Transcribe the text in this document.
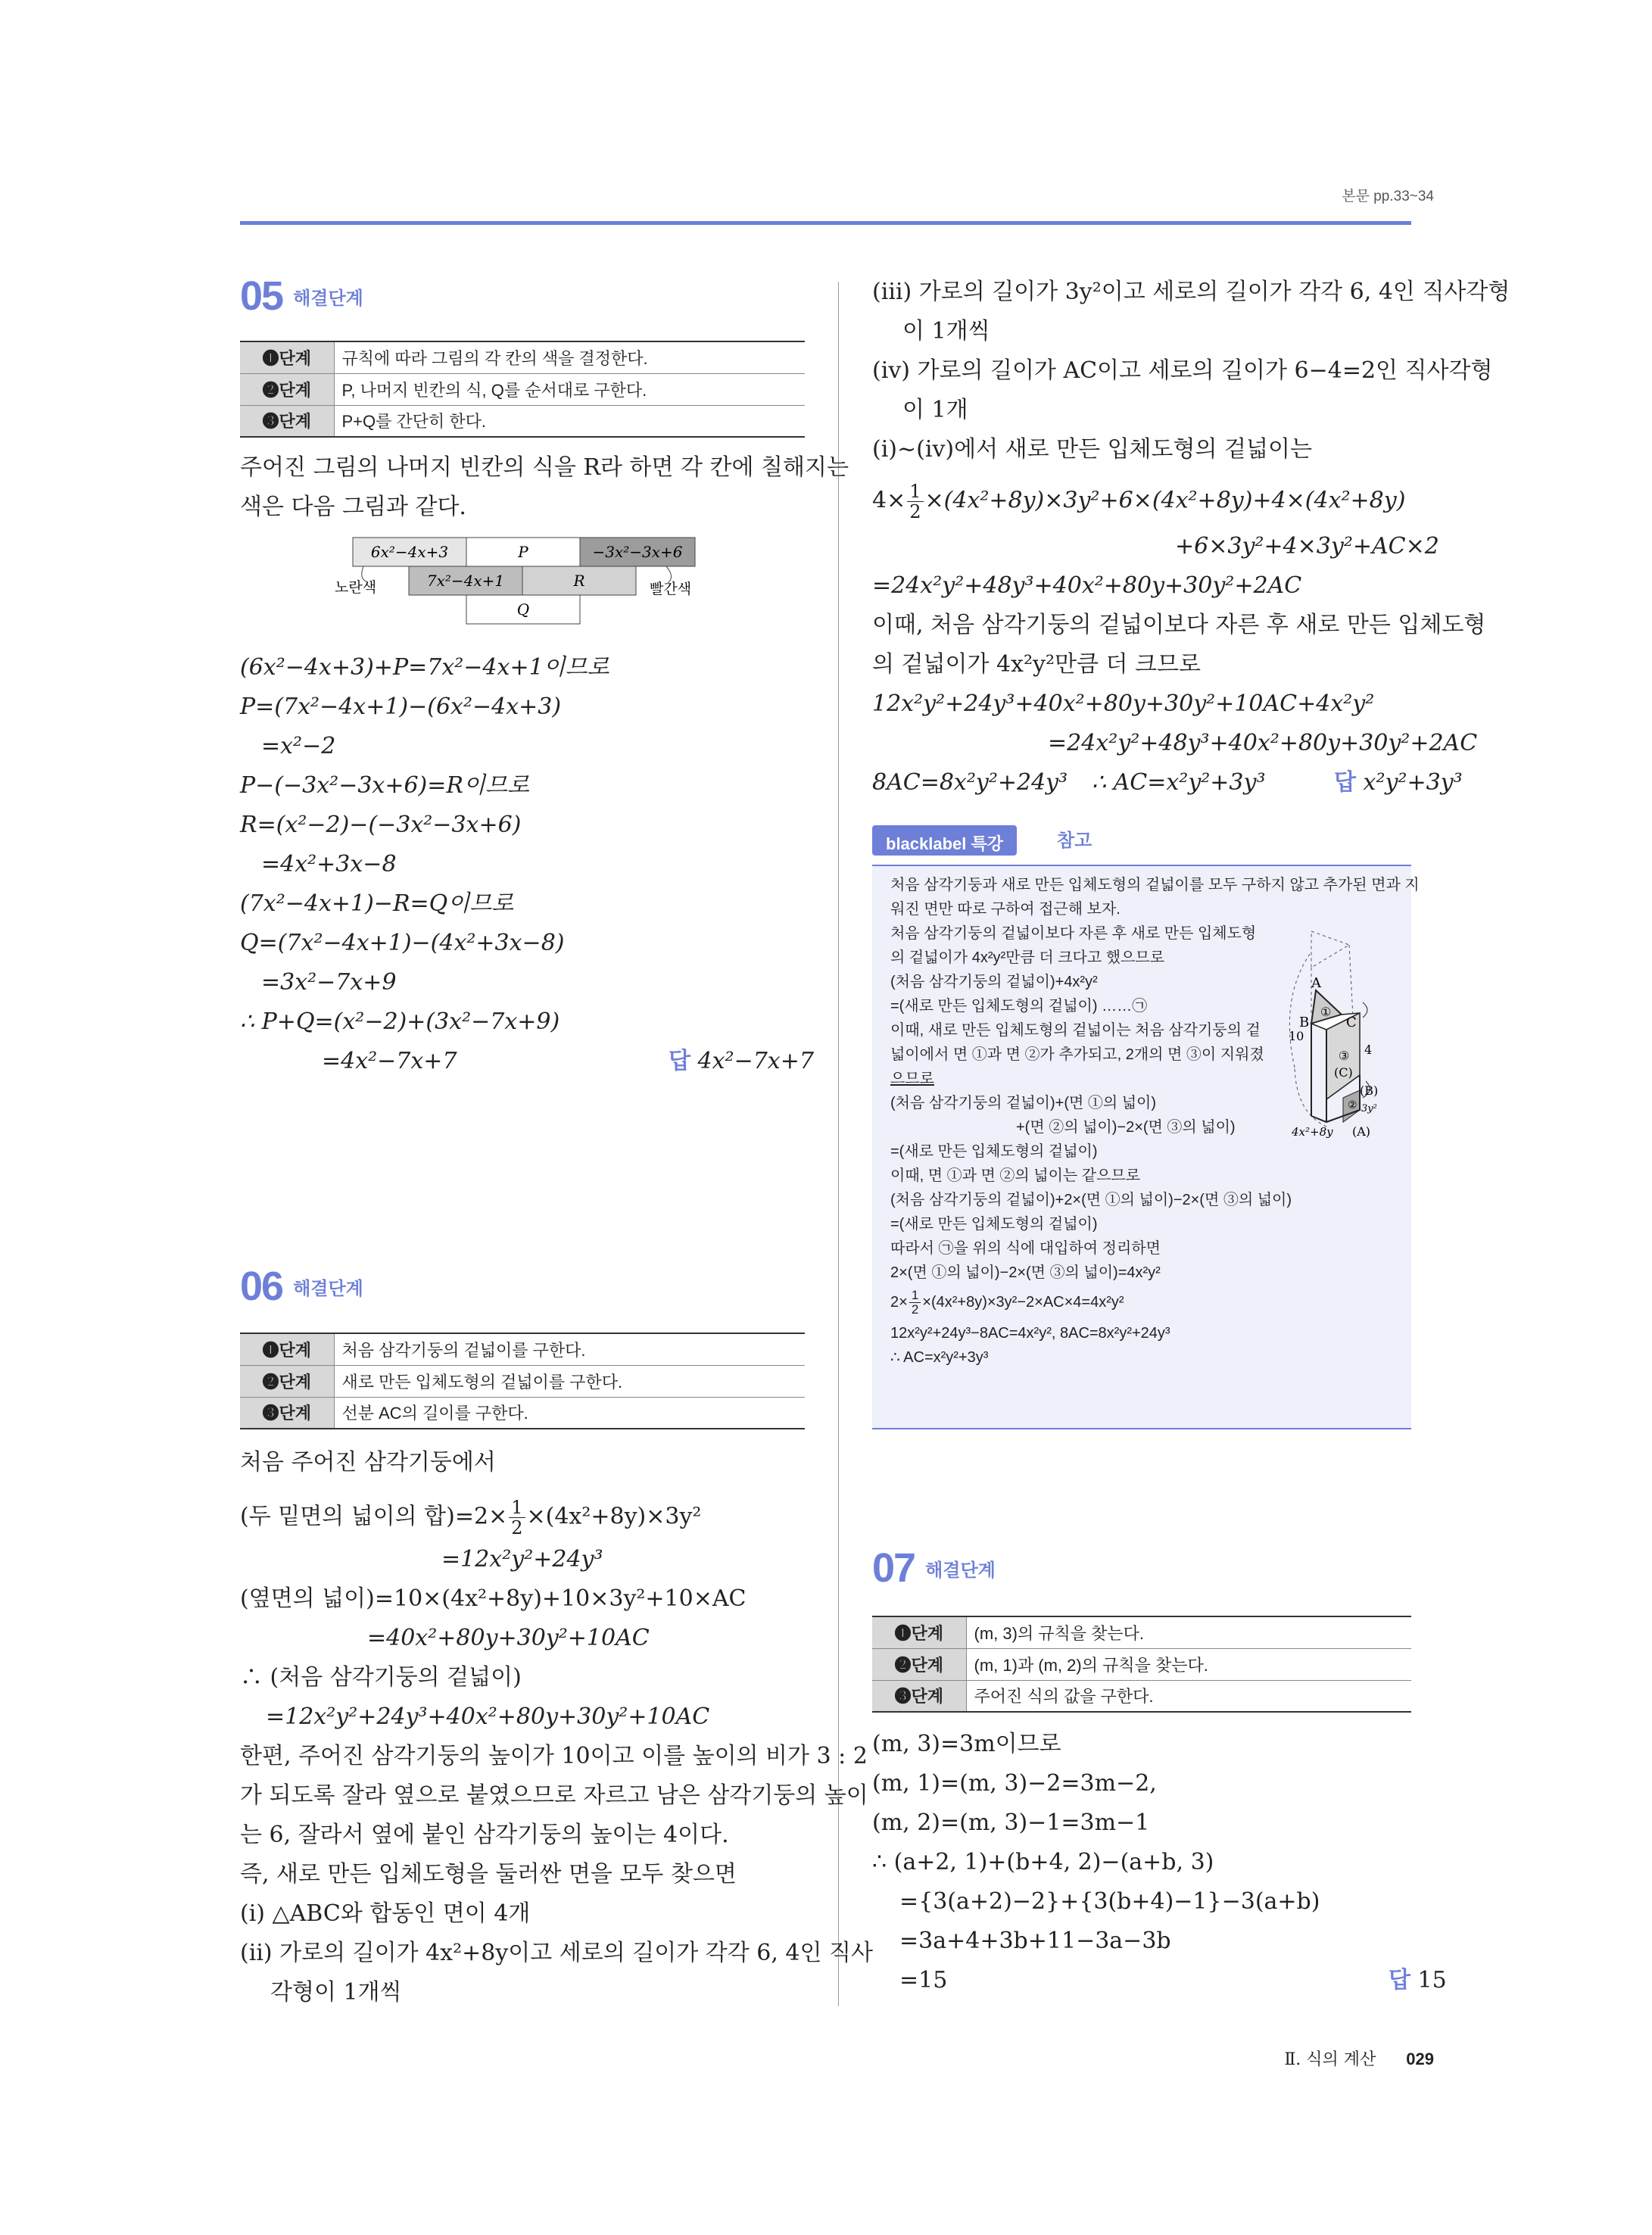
본문 pp.33~34
05 해결단계
❶단계	규칙에 따라 그림의 각 칸의 색을 결정한다.
❷단계	P, 나머지 빈칸의 식, Q를 순서대로 구한다.
❸단계	P+Q를 간단히 한다.
주어진 그림의 나머지 빈칸의 식을 R라 하면 각 칸에 칠해지는
색은 다음 그림과 같다.
6x²−4x+3	P	−3x²−3x+6
7x²−4x+1	R
Q
노란색	빨간색
(6x²−4x+3)+P=7x²−4x+1이므로
P=(7x²−4x+1)−(6x²−4x+3)
=x²−2
P−(−3x²−3x+6)=R이므로
R=(x²−2)−(−3x²−3x+6)
=4x²+3x−8
(7x²−4x+1)−R=Q이므로
Q=(7x²−4x+1)−(4x²+3x−8)
=3x²−7x+9
∴ P+Q=(x²−2)+(3x²−7x+9)
=4x²−7x+7	답 4x²−7x+7
06 해결단계
❶단계	처음 삼각기둥의 겉넓이를 구한다.
❷단계	새로 만든 입체도형의 겉넓이를 구한다.
❸단계	선분 AC의 길이를 구한다.
처음 주어진 삼각기둥에서
(두 밑면의 넓이의 합)$=2\times \frac{1}{2} \times(4x^2+8y)\times 3y^2$
=12x²y²+24y³
(옆면의 넓이)=10×(4x²+8y)+10×3y²+10×AC
=40x²+80y+30y²+10AC
∴ (처음 삼각기둥의 겉넓이)
=12x²y²+24y³+40x²+80y+30y²+10AC
한편, 주어진 삼각기둥의 높이가 10이고 이를 높이의 비가 3 : 2
가 되도록 잘라 옆으로 붙였으므로 자르고 남은 삼각기둥의 높이
는 6, 잘라서 옆에 붙인 삼각기둥의 높이는 4이다.
즉, 새로 만든 입체도형을 둘러싼 면을 모두 찾으면
(ⅰ) △ABC와 합동인 면이 4개
(ⅱ) 가로의 길이가 4x²+8y이고 세로의 길이가 각각 6, 4인 직사
각형이 1개씩
(ⅲ) 가로의 길이가 3y²이고 세로의 길이가 각각 6, 4인 직사각형
이 1개씩
(ⅳ) 가로의 길이가 AC이고 세로의 길이가 6−4=2인 직사각형
이 1개
(ⅰ)~(ⅳ)에서 새로 만든 입체도형의 겉넓이는
$4\times \frac{1}{2} \times(4x^2+8y)\times 3y^2+6\times(4x^2+8y)+4\times(4x^2+8y)$
+6×3y²+4×3y²+AC×2
=24x²y²+48y³+40x²+80y+30y²+2AC
이때, 처음 삼각기둥의 겉넓이보다 자른 후 새로 만든 입체도형
의 겉넓이가 4x²y²만큼 더 크므로
12x²y²+24y³+40x²+80y+30y²+10AC+4x²y²
=24x²y²+48y³+40x²+80y+30y²+2AC
8AC=8x²y²+24y³ ∴ AC=x²y²+3y³	답 x²y²+3y³
blacklabel 특강	참고
처음 삼각기둥과 새로 만든 입체도형의 겉넓이를 모두 구하지 않고 추가된 면과 지
워진 면만 따로 구하여 접근해 보자.
처음 삼각기둥의 겉넓이보다 자른 후 새로 만든 입체도형
의 겉넓이가 4x²y²만큼 더 크다고 했으므로
(처음 삼각기둥의 겉넓이)+4x²y²
=(새로 만든 입체도형의 겉넓이) ……㉠
이때, 새로 만든 입체도형의 겉넓이는 처음 삼각기둥의 겉
넓이에서 면 ①과 면 ②가 추가되고, 2개의 면 ③이 지워졌
으므로
(처음 삼각기둥의 겉넓이)+(면 ①의 넓이)
+(면 ②의 넓이)−2×(면 ③의 넓이)
=(새로 만든 입체도형의 겉넓이)
이때, 면 ①과 면 ②의 넓이는 같으므로
(처음 삼각기둥의 겉넓이)+2×(면 ①의 넓이)−2×(면 ③의 넓이)
=(새로 만든 입체도형의 겉넓이)
따라서 ㉠을 위의 식에 대입하여 정리하면
2×(면 ①의 넓이)−2×(면 ③의 넓이)=4x²y²
$2\times \frac{1}{2} \times(4x^2+8y)\times 3y^2-2\times AC\times 4=4x^2y^2$
12x²y²+24y³−8AC=4x²y², 8AC=8x²y²+24y³
∴ AC=x²y²+3y³
A
B	C
10
4
①
③
(C)
②
(B)
3y²
4x²+8y (A)
07 해결단계
❶단계	(m, 3)의 규칙을 찾는다.
❷단계	(m, 1)과 (m, 2)의 규칙을 찾는다.
❸단계	주어진 식의 값을 구한다.
(m, 3)=3m이므로
(m, 1)=(m, 3)−2=3m−2,
(m, 2)=(m, 3)−1=3m−1
∴ (a+2, 1)+(b+4, 2)−(a+b, 3)
={3(a+2)−2}+{3(b+4)−1}−3(a+b)
=3a+4+3b+11−3a−3b
=15	답 15
Ⅱ. 식의 계산 029
